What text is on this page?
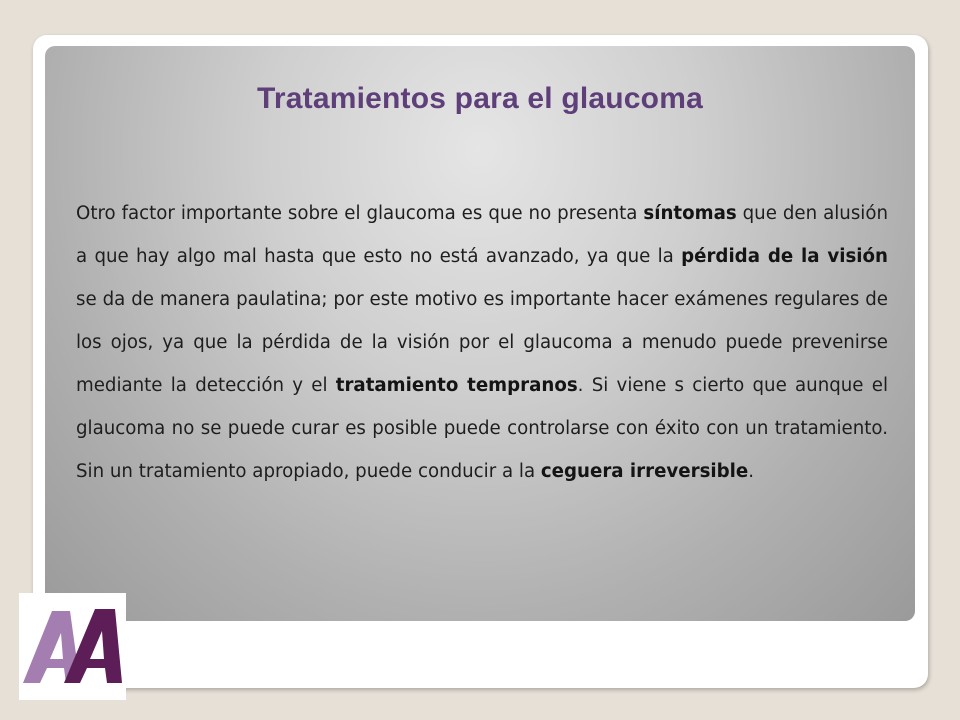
Tratamientos para el glaucoma

Otro factor importante sobre el glaucoma es que no presenta síntomas que den alusión a que hay algo mal hasta que esto no está avanzado, ya que la pérdida de la visión se da de manera paulatina; por este motivo es importante hacer exámenes regulares de los ojos, ya que la pérdida de la visión por el glaucoma a menudo puede prevenirse mediante la detección y el tratamiento tempranos. Si viene s cierto que aunque el glaucoma no se puede curar es posible puede controlarse con éxito con un tratamiento. Sin un tratamiento apropiado, puede conducir a la ceguera irreversible.
